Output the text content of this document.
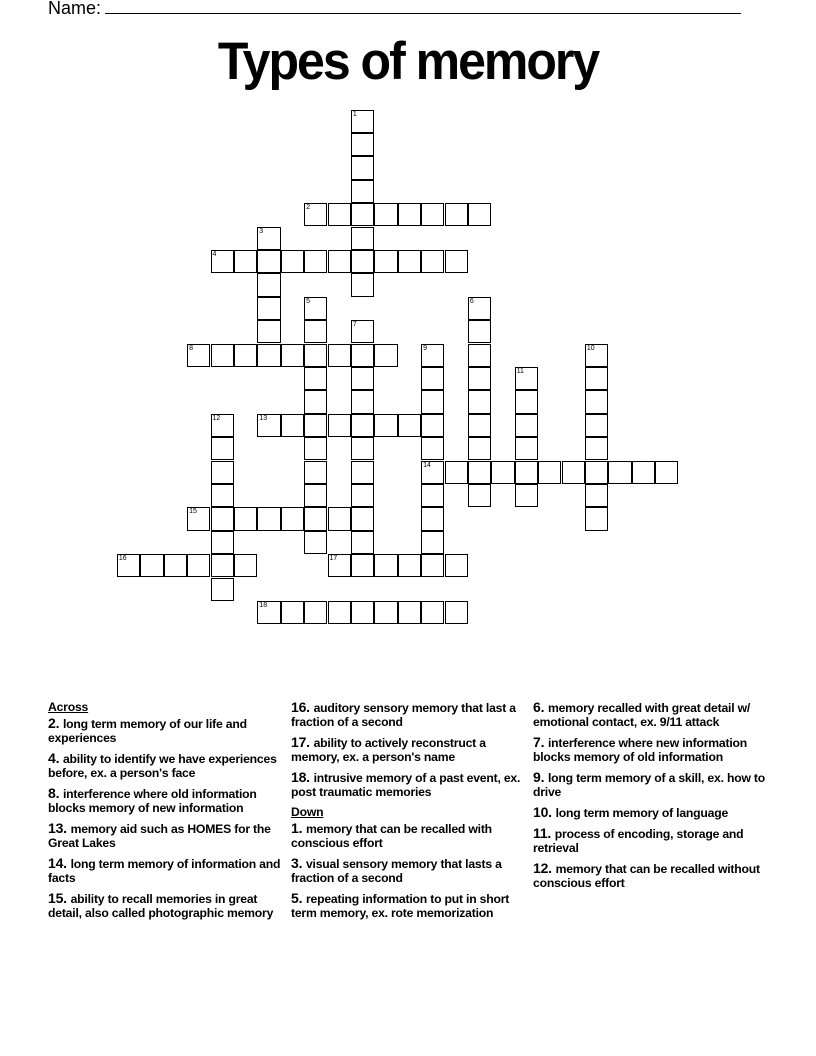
Name:
Types of memory
1
2
3
4
5	6
7
8	9
14
10
11
12	13
15
16	17
18
Across
2. long term memory of our life and experiences
4. ability to identify we have experiences before, ex. a person's face
8. interference where old information blocks memory of new information
13. memory aid such as HOMES for the Great Lakes
14. long term memory of information and facts
15. ability to recall memories in great detail, also called photographic memory
16. auditory sensory memory that last a fraction of a second
17. ability to actively reconstruct a memory, ex. a person's name
18. intrusive memory of a past event, ex. post traumatic memories
Down
1. memory that can be recalled with conscious effort
3. visual sensory memory that lasts a fraction of a second
5. repeating information to put in short term memory, ex. rote memorization
6. memory recalled with great detail w/ emotional contact, ex. 9/11 attack
7. interference where new information blocks memory of old information
9. long term memory of a skill, ex. how to drive
10. long term memory of language
11. process of encoding, storage and retrieval
12. memory that can be recalled without conscious effort
